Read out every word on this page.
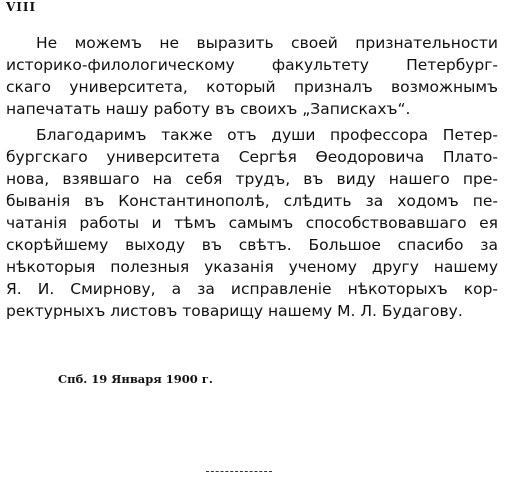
VIII
Не можемъ не выразить своей признательности
историко-филологическому факультету Петербург-
скаго университета, который призналъ возможнымъ
напечатать нашу работу въ своихъ „Запискахъ“.
Благодаримъ также отъ души профессора Петер-
бургскаго университета Сергѣя Ѳеодоровича Плато-
нова, взявшаго на себя трудъ, въ виду нашего пре-
быванія въ Константинополѣ, слѣдить за ходомъ пе-
чатанія работы и тѣмъ самымъ способствовавшаго ея
скорѣйшему выходу въ свѣтъ. Большое спасибо за
нѣкоторыя полезныя указанія ученому другу нашему
Я. И. Смирнову, а за исправленіе нѣкоторыхъ кор-
ректурныхъ листовъ товарищу нашему М. Л. Будагову.
Спб. 19 Января 1900 г.
